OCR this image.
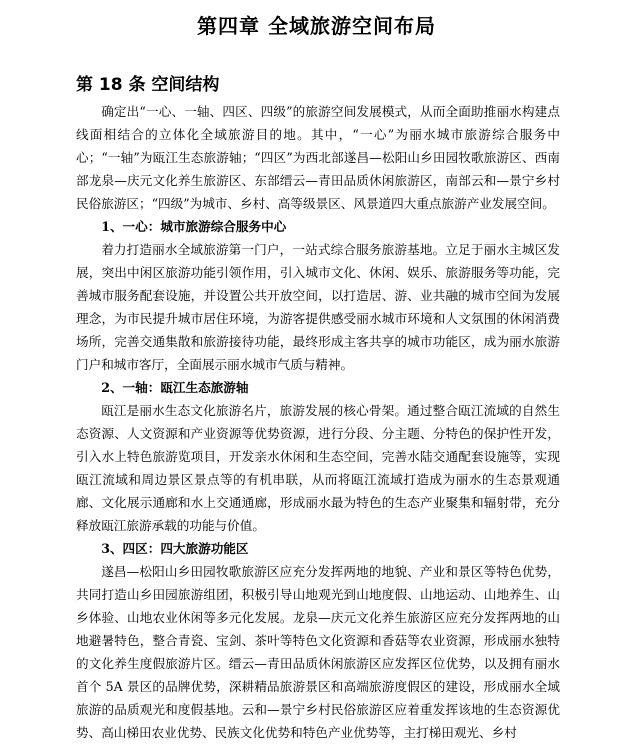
第四章 全域旅游空间布局
第 18 条 空间结构

确定出“一心、一轴、四区、四级”的旅游空间发展模式，从而全面助推丽水构建点线面相结合的立体化全域旅游目的地。其中，“一心”为丽水城市旅游综合服务中心；“一轴”为瓯江生态旅游轴；“四区”为西北部遂昌—松阳山乡田园牧歌旅游区、西南部龙泉—庆元文化养生旅游区、东部缙云—青田品质休闲旅游区，南部云和—景宁乡村民俗旅游区；“四级”为城市、乡村、高等级景区、风景道四大重点旅游产业发展空间。

1、一心：城市旅游综合服务中心

着力打造丽水全域旅游第一门户，一站式综合服务旅游基地。立足于丽水主城区发展，突出中闲区旅游功能引领作用，引入城市文化、休闲、娱乐、旅游服务等功能，完善城市服务配套设施，并设置公共开放空间，以打造居、游、业共融的城市空间为发展理念，为市民提升城市居住环境，为游客提供感受丽水城市环境和人文氛围的休闲消费场所，完善交通集散和旅游接待功能，最终形成主客共享的城市功能区，成为丽水旅游门户和城市客厅，全面展示丽水城市气质与精神。

2、一轴：瓯江生态旅游轴

瓯江是丽水生态文化旅游名片，旅游发展的核心骨架。通过整合瓯江流域的自然生态资源、人文资源和产业资源等优势资源，进行分段、分主题、分特色的保护性开发，引入水上特色旅游览项目，开发亲水休闲和生态空间，完善水陆交通配套设施等，实现瓯江流域和周边景区景点等的有机串联，从而将瓯江流域打造成为丽水的生态景观通廊、文化展示通廊和水上交通通廊，形成丽水最为特色的生态产业聚集和辐射带，充分释放瓯江旅游承载的功能与价值。

3、四区：四大旅游功能区

遂昌—松阳山乡田园牧歌旅游区应充分发挥两地的地貌、产业和景区等特色优势，共同打造山乡田园旅游组团，积极引导山地观光到山地度假、山地运动、山地养生、山乡体验、山地农业休闲等多元化发展。龙泉—庆元文化养生旅游区应充分发挥两地的山地避暑特色，整合青瓷、宝剑、茶叶等特色文化资源和香菇等农业资源，形成丽水独特的文化养生度假旅游片区。缙云—青田品质休闲旅游区应发挥区位优势，以及拥有丽水首个 5A 景区的品牌优势，深耕精品旅游景区和高端旅游度假区的建设，形成丽水全域旅游的品质观光和度假基地。云和—景宁乡村民俗旅游区应着重发挥该地的生态资源优势、高山梯田农业优势、民族文化优势和特色产业优势等，主打梯田观光、乡村
